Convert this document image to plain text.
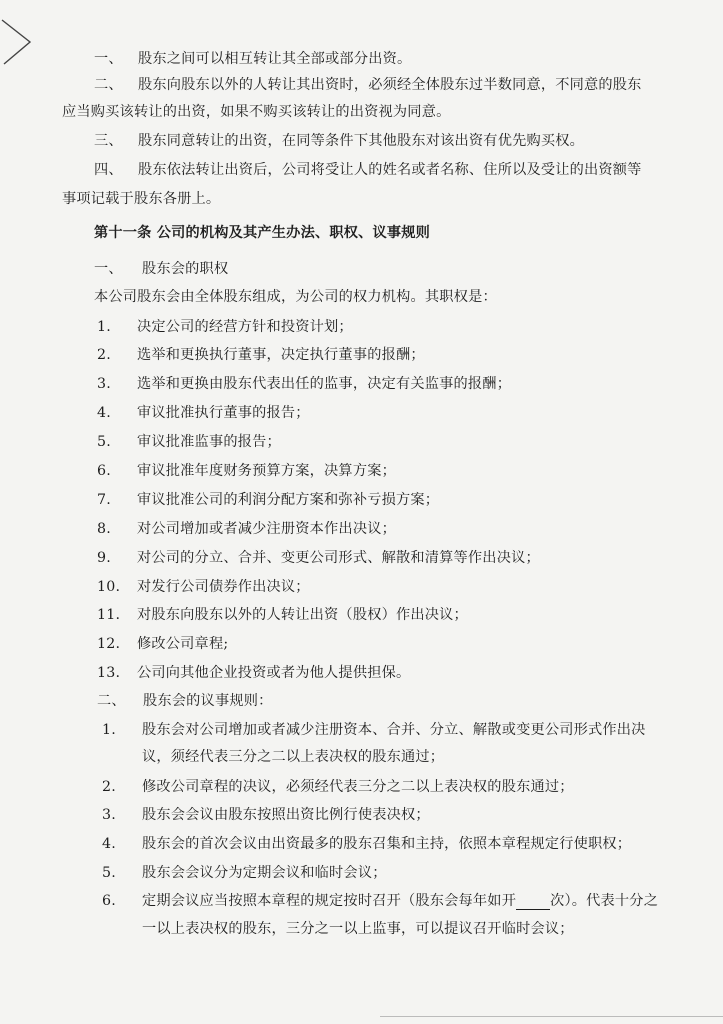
一、 股东之间可以相互转让其全部或部分出资。
二、 股东向股东以外的人转让其出资时，必须经全体股东过半数同意，不同意的股东
应当购买该转让的出资，如果不购买该转让的出资视为同意。
三、 股东同意转让的出资，在同等条件下其他股东对该出资有优先购买权。
四、 股东依法转让出资后，公司将受让人的姓名或者名称、住所以及受让的出资额等
事项记载于股东各册上。
第十一条 公司的机构及其产生办法、职权、议事规则
一、 股东会的职权
本公司股东会由全体股东组成，为公司的权力机构。其职权是：
1. 决定公司的经营方针和投资计划；
2. 选举和更换执行董事，决定执行董事的报酬；
3. 选举和更换由股东代表出任的监事，决定有关监事的报酬；
4. 审议批准执行董事的报告；
5. 审议批准监事的报告；
6. 审议批准年度财务预算方案，决算方案；
7. 审议批准公司的利润分配方案和弥补亏损方案；
8. 对公司增加或者减少注册资本作出决议；
9. 对公司的分立、合并、变更公司形式、解散和清算等作出决议；
10. 对发行公司债券作出决议；
11. 对股东向股东以外的人转让出资（股权）作出决议；
12. 修改公司章程;
13. 公司向其他企业投资或者为他人提供担保。
二、 股东会的议事规则：
1. 股东会对公司增加或者减少注册资本、合并、分立、解散或变更公司形式作出决
议，须经代表三分之二以上表决权的股东通过；
2. 修改公司章程的决议，必须经代表三分之二以上表决权的股东通过；
3. 股东会会议由股东按照出资比例行使表决权；
4. 股东会的首次会议由出资最多的股东召集和主持，依照本章程规定行使职权；
5. 股东会会议分为定期会议和临时会议；
6. 定期会议应当按照本章程的规定按时召开（股东会每年如开 次）。代表十分之
一以上表决权的股东，三分之一以上监事，可以提议召开临时会议；
